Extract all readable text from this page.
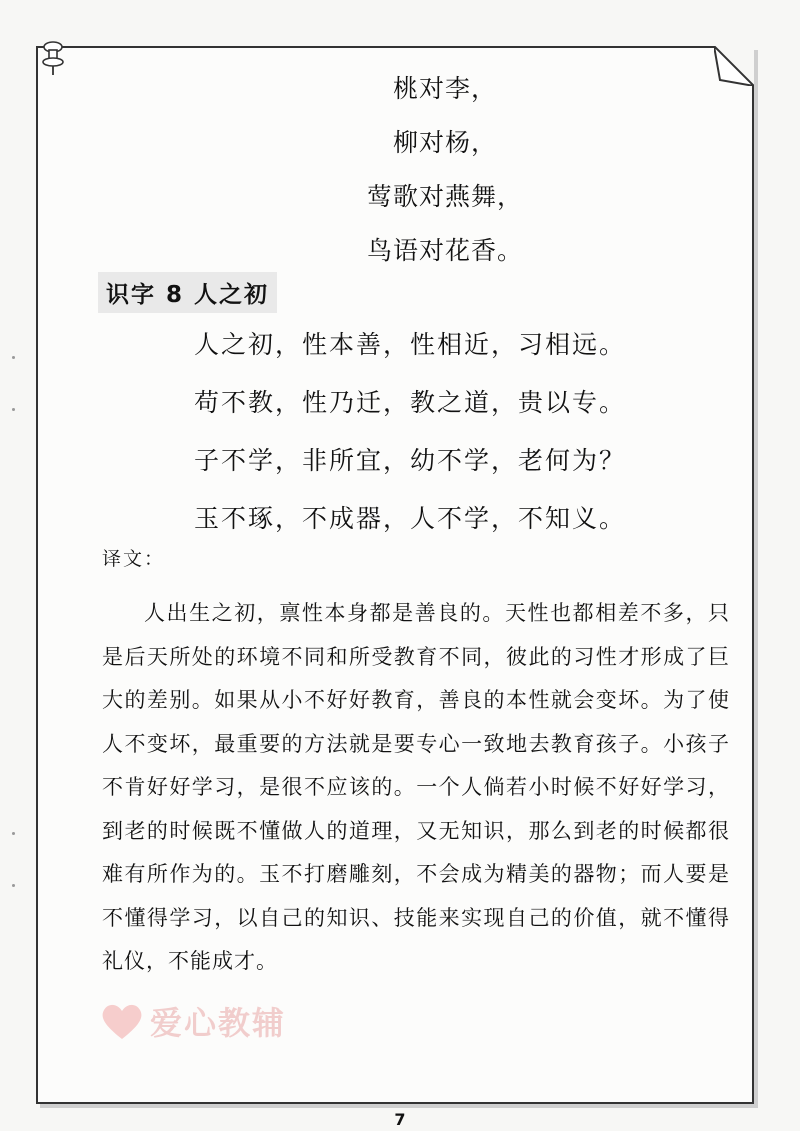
桃对李，
柳对杨，
莺歌对燕舞，
鸟语对花香。
识字 8 人之初
人之初，性本善，性相近，习相远。
苟不教，性乃迁，教之道，贵以专。
子不学，非所宜，幼不学，老何为？
玉不琢，不成器，人不学，不知义。
译文：

人出生之初，禀性本身都是善良的。天性也都相差不多，只是后天所处的环境不同和所受教育不同，彼此的习性才形成了巨大的差别。如果从小不好好教育，善良的本性就会变坏。为了使人不变坏，最重要的方法就是要专心一致地去教育孩子。小孩子不肯好好学习，是很不应该的。一个人倘若小时候不好好学习，到老的时候既不懂做人的道理，又无知识，那么到老的时候都很难有所作为的。玉不打磨雕刻，不会成为精美的器物；而人要是不懂得学习，以自己的知识、技能来实现自己的价值，就不懂得礼仪，不能成才。

爱心教辅
7
